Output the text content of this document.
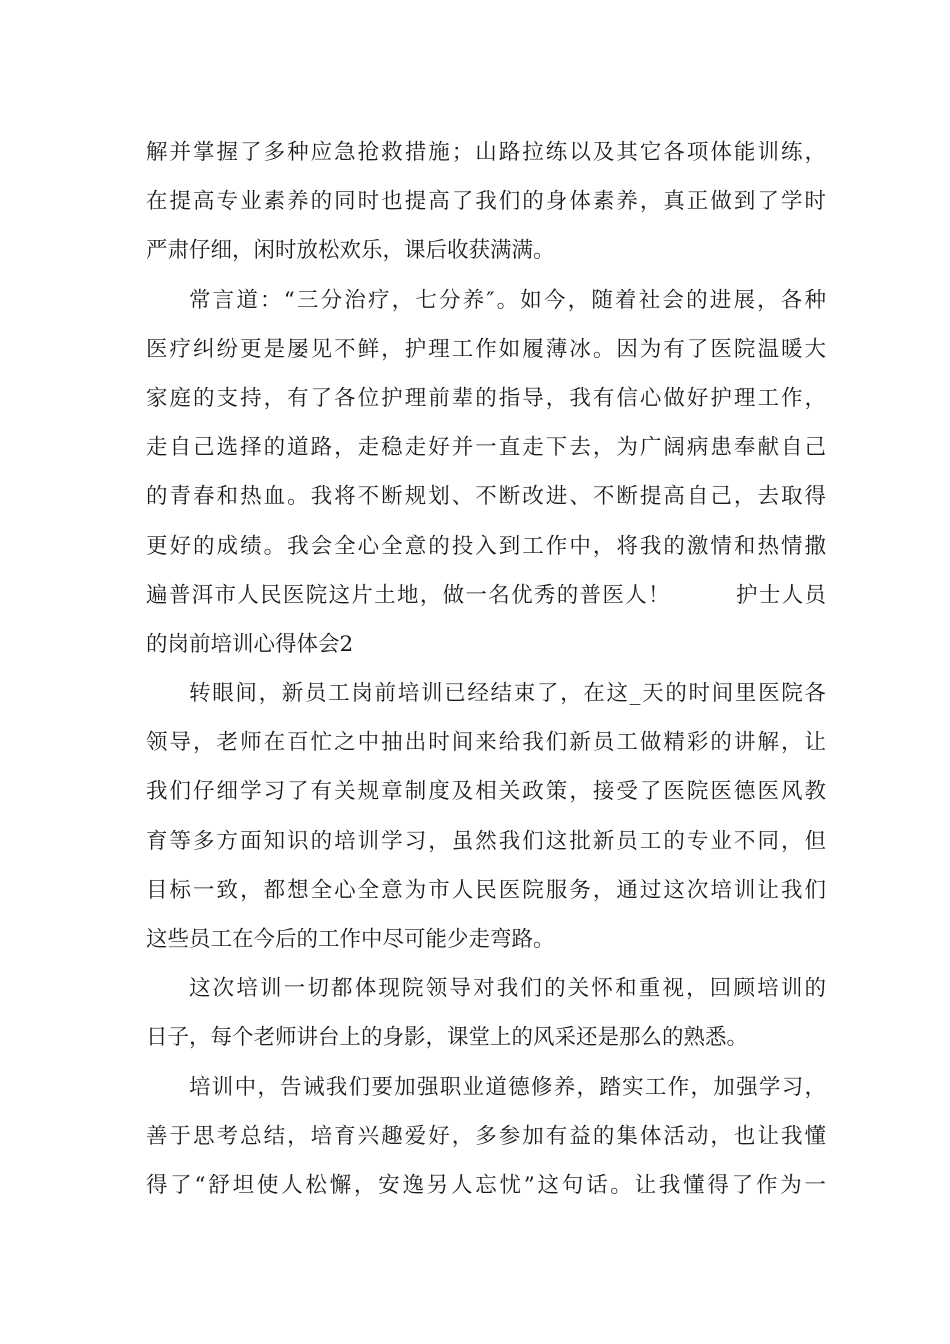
解并掌握了多种应急抢救措施；山路拉练以及其它各项体能训练，
在提高专业素养的同时也提高了我们的身体素养，真正做到了学时
严肃仔细，闲时放松欢乐，课后收获满满。
常言道：“三分治疗，七分养″。如今，随着社会的进展，各种
医疗纠纷更是屡见不鲜，护理工作如履薄冰。因为有了医院温暖大
家庭的支持，有了各位护理前辈的指导，我有信心做好护理工作，
走自己选择的道路，走稳走好并一直走下去，为广阔病患奉献自己
的青春和热血。我将不断规划、不断改进、不断提高自己，去取得
更好的成绩。我会全心全意的投入到工作中，将我的激情和热情撒
遍普洱市人民医院这片土地，做一名优秀的普医人！        护士人员
的岗前培训心得体会2
转眼间，新员工岗前培训已经结束了，在这_天的时间里医院各
领导，老师在百忙之中抽出时间来给我们新员工做精彩的讲解，让
我们仔细学习了有关规章制度及相关政策，接受了医院医德医风教
育等多方面知识的培训学习，虽然我们这批新员工的专业不同，但
目标一致，都想全心全意为市人民医院服务，通过这次培训让我们
这些员工在今后的工作中尽可能少走弯路。
这次培训一切都体现院领导对我们的关怀和重视，回顾培训的
日子，每个老师讲台上的身影，课堂上的风采还是那么的熟悉。
培训中，告诫我们要加强职业道德修养，踏实工作，加强学习，
善于思考总结，培育兴趣爱好，多参加有益的集体活动，也让我懂
得了“舒坦使人松懈，安逸另人忘忧”这句话。让我懂得了作为一
